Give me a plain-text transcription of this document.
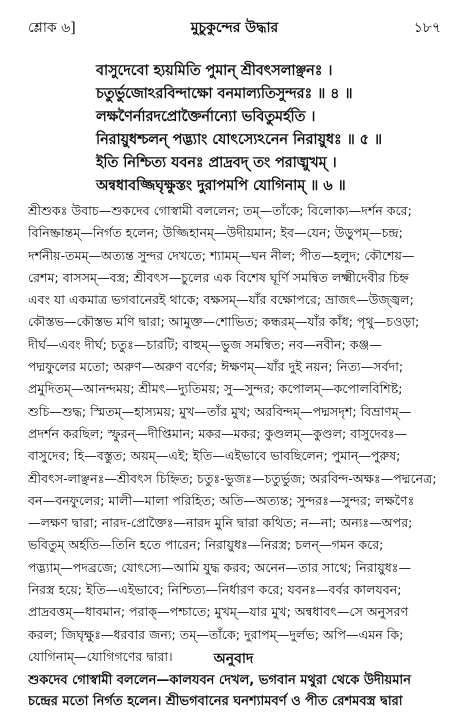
শ্লোক ৬]	মুচুকুন্দের উদ্ধার	১৮৭
বাসুদেবো হ্যয়মিতি পুমান্ শ্রীবৎসলাঞ্ছনঃ ।
চতুর্ভুজোঽরবিন্দাক্ষো বনমাল্যতিসুন্দরঃ ॥ ৪ ॥
লক্ষণৈর্নারদপ্রোক্তৈর্নান্যো ভবিতুমর্হতি ।
নিরায়ুধশ্চলন্ পদ্ভ্যাং যোৎস্যেঽনেন নিরায়ুধঃ ॥ ৫ ॥
ইতি নিশ্চিত্য যবনঃ প্রাদ্রবদ্ তং পরাঙ্মুখম্ ।
অন্বধাবজ্জিঘৃক্ষুস্তং দুরাপমপি যোগিনাম্ ॥ ৬ ॥
শ্রীশুকঃ উবাচ—শুকদেব গোস্বামী বললেন; তম্—তাঁকে; বিলোক্য—দর্শন করে;
বিনিষ্ক্রান্তম্—নির্গত হলেন; উজ্জিহানম্—উদীয়মান; ইব—যেন; উড়ুপম্—চন্দ্র;
দর্শনীয়-তমম্—অত্যন্ত সুন্দর দেখতে; শ্যামম্—ঘন নীল; পীত—হলুদ; কৌশেয়—
রেশম; বাসসম্—বস্ত্র; শ্রীবৎস—চুলের এক বিশেষ ঘূর্ণি সমন্বিত লক্ষ্মীদেবীর চিহ্ন
এবং যা একমাত্র ভগবানেরই থাকে; বক্ষসম্—যাঁর বক্ষোপরে; ভ্রাজৎ—উজ্জ্বল;
কৌস্তভ—কৌস্তভ মণি দ্বারা; আমুক্ত—শোভিত; কন্ধরম্—যাঁর কাঁধ; পৃথু—চওড়া;
দীর্ঘ—এবং দীর্ঘ; চতুঃ—চারটি; বাহুম্—ভুজ সমন্বিত; নব—নবীন; কঞ্জ—
পদ্মফুলের মতো; অরুণ—অরুণ বর্ণের; ঈক্ষণম্—যাঁর দুই নয়ন; নিত্য—সর্বদা;
প্রমুদিতম্—আনন্দময়; শ্রীমৎ—দ্যুতিময়; সু—সুন্দর; কপোলম্—কপোলবিশিষ্ট;
শুচি—শুদ্ধ; স্মিতম্—হাস্যময়; মুখ—তাঁর মুখ; অরবিন্দম্—পদ্মসদৃশ; বিভ্রাণম্—
প্রদর্শন করছিল; স্ফুরন্—দীপ্তিমান; মকর—মকর; কুণ্ডলম্—কুণ্ডল; বাসুদেবঃ—
বাসুদেব; হি—বস্তুত; অয়ম্—এই; ইতি—এইভাবে ভাবছিলেন; পুমান্—পুরুষ;
শ্রীবৎস-লাঞ্ছনঃ—শ্রীবৎস চিহ্নিত; চতুঃ-ভুজঃ—চতুর্ভুজ; অরবিন্দ-অক্ষঃ—পদ্মনেত্র;
বন—বনফুলের; মালী—মালা পরিহিত; অতি—অত্যন্ত; সুন্দরঃ—সুন্দর; লক্ষণৈঃ
—লক্ষণ দ্বারা; নারদ-প্রোক্তৈঃ—নারদ মুনি দ্বারা কথিত; ন—না; অন্যঃ—অপর;
ভবিতুম্ অর্হতি—তিনি হতে পারেন; নিরায়ুধঃ—নিরস্ত্র; চলন্—গমন করে;
পদ্ভ্যাম্—পদব্রজে; যোৎস্যে—আমি যুদ্ধ করব; অনেন—তার সাথে; নিরায়ুধঃ—
নিরস্ত্র হয়ে; ইতি—এইভাবে; নিশ্চিত্য—নির্ধারণ করে; যবনঃ—বর্বর কালযবন;
প্রাদ্রবত্তম্—ধাবমান; পরাক্—পশ্চাতে; মুখম্—যার মুখ; অন্বধাবৎ—সে অনুসরণ
করল; জিঘৃক্ষুঃ—ধরবার জন্য; তম্—তাঁকে; দুরাপম্—দুর্লভ; অপি—এমন কি;
যোগিনাম্—যোগিগণের দ্বারা।	অনুবাদ
শুকদেব গোস্বামী বললেন—কালযবন দেখল, ভগবান মথুরা থেকে উদীয়মান
চন্দ্রের মতো নির্গত হলেন। শ্রীভগবানের ঘনশ্যামবর্ণ ও পীত রেশমবস্ত্র দ্বারা
